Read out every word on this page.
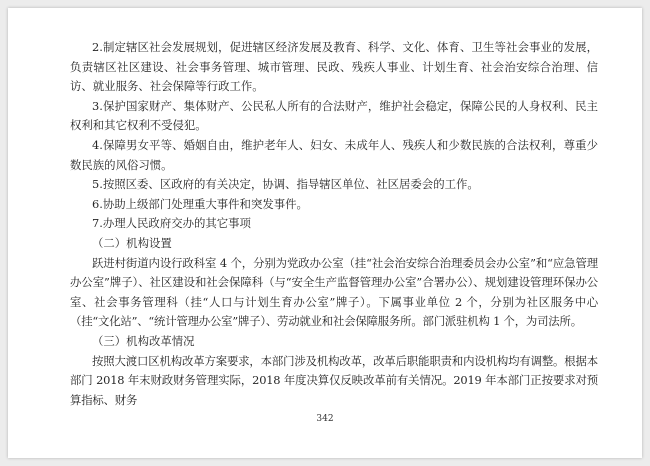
2.制定辖区社会发展规划，促进辖区经济发展及教育、科学、文化、体育、卫生等社会事业的发展，负责辖区社区建设、社会事务管理、城市管理、民政、残疾人事业、计划生育、社会治安综合治理、信访、就业服务、社会保障等行政工作。

3.保护国家财产、集体财产、公民私人所有的合法财产，维护社会稳定，保障公民的人身权利、民主权利和其它权利不受侵犯。

4.保障男女平等、婚姻自由，维护老年人、妇女、未成年人、残疾人和少数民族的合法权利，尊重少数民族的风俗习惯。

5.按照区委、区政府的有关决定，协调、指导辖区单位、社区居委会的工作。

6.协助上级部门处理重大事件和突发事件。

7.办理人民政府交办的其它事项

（二）机构设置

跃进村街道内设行政科室 4 个，分别为党政办公室（挂“社会治安综合治理委员会办公室”和“应急管理办公室”牌子）、社区建设和社会保障科（与“安全生产监督管理办公室”合署办公）、规划建设管理环保办公室、社会事务管理科（挂“人口与计划生育办公室”牌子）。下属事业单位 2 个，分别为社区服务中心（挂“文化站”、“统计管理办公室”牌子）、劳动就业和社会保障服务所。部门派驻机构 1 个，为司法所。

（三）机构改革情况

按照大渡口区机构改革方案要求，本部门涉及机构改革，改革后职能职责和内设机构均有调整。根据本部门 2018 年末财政财务管理实际，2018 年度决算仅反映改革前有关情况。2019 年本部门正按要求对预算指标、财务

342
